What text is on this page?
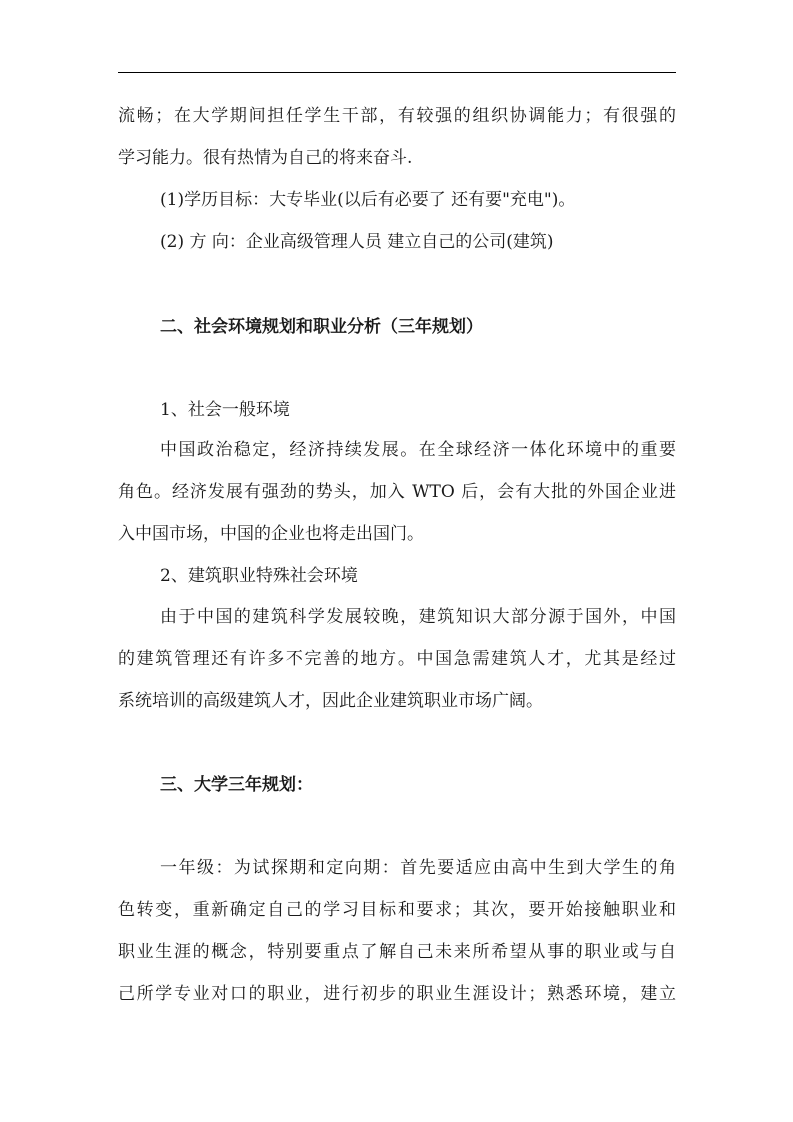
流畅；在大学期间担任学生干部，有较强的组织协调能力；有很强的
学习能力。很有热情为自己的将来奋斗.
(1)学历目标：大专毕业(以后有必要了 还有要"充电")。
(2) 方 向：企业高级管理人员 建立自己的公司(建筑)
二、社会环境规划和职业分析（三年规划）
1、社会一般环境
中国政治稳定，经济持续发展。在全球经济一体化环境中的重要
角色。经济发展有强劲的势头，加入 WTO 后，会有大批的外国企业进
入中国市场，中国的企业也将走出国门。
2、建筑职业特殊社会环境
由于中国的建筑科学发展较晚，建筑知识大部分源于国外，中国
的建筑管理还有许多不完善的地方。中国急需建筑人才，尤其是经过
系统培训的高级建筑人才，因此企业建筑职业市场广阔。
三、大学三年规划：
一年级：为试探期和定向期：首先要适应由高中生到大学生的角
色转变，重新确定自己的学习目标和要求；其次，要开始接触职业和
职业生涯的概念，特别要重点了解自己未来所希望从事的职业或与自
己所学专业对口的职业，进行初步的职业生涯设计；熟悉环境，建立
